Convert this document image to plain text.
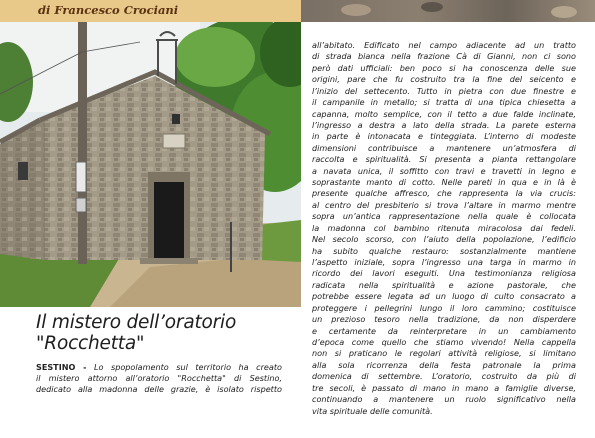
di Francesco Crociani
Il mistero dell’oratorio
"Rocchetta"
SESTINO - Lo spopolamento sul territorio ha creato
il mistero attorno all’oratorio "Rocchetta" di Sestino,
dedicato alla madonna delle grazie, è isolato rispetto
all’abitato. Edificato nel campo adiacente ad un tratto
di strada bianca nella frazione Cà di Gianni, non ci sono
però dati ufficiali: ben poco si ha conoscenza delle sue
origini, pare che fu costruito tra la fine del seicento e
l’inizio del settecento. Tutto in pietra con due finestre e
il campanile in metallo; si tratta di una tipica chiesetta a
capanna, molto semplice, con il tetto a due falde inclinate,
l’ingresso a destra a lato della strada. La parete esterna
in parte è intonacata e tinteggiata. L’interno di modeste
dimensioni contribuisce a mantenere un’atmosfera di
raccolta e spiritualità. Si presenta a pianta rettangolare
a navata unica, il soffitto con travi e travetti in legno e
soprastante manto di cotto. Nelle pareti in qua e in là è
presente qualche affresco, che rappresenta la via crucis:
al centro del presbiterio si trova l’altare in marmo mentre
sopra un’antica rappresentazione nella quale è collocata
la madonna col bambino ritenuta miracolosa dai fedeli.
Nel secolo scorso, con l’aiuto della popolazione, l’edificio
ha subito qualche restauro: sostanzialmente mantiene
l’aspetto iniziale, sopra l’ingresso una targa in marmo in
ricordo dei lavori eseguiti. Una testimonianza religiosa
radicata nella spiritualità e azione pastorale, che
potrebbe essere legata ad un luogo di culto consacrato a
proteggere i pellegrini lungo il loro cammino; costituisce
un prezioso tesoro nella tradizione, da non disperdere
e certamente da reinterpretare in un cambiamento
d’epoca come quello che stiamo vivendo! Nella cappella
non si praticano le regolari attività religiose, si limitano
alla sola ricorrenza della festa patronale la prima
domenica di settembre. L’oratorio, costruito da più di
tre secoli, è passato di mano in mano a famiglie diverse,
continuando a mantenere un ruolo significativo nella
vita spirituale delle comunità.
